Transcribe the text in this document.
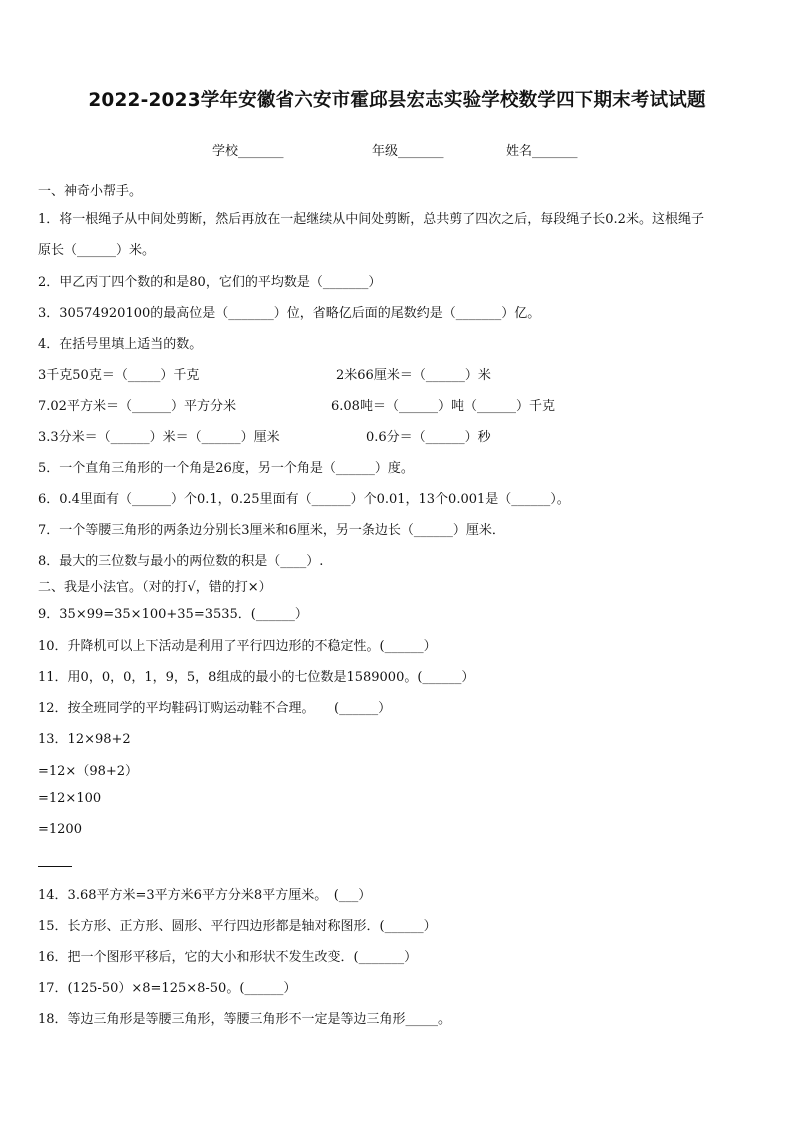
2022-2023学年安徽省六安市霍邱县宏志实验学校数学四下期末考试试题
学校_______	年级_______	姓名_______
一、神奇小帮手。
1．将一根绳子从中间处剪断，然后再放在一起继续从中间处剪断，总共剪了四次之后，每段绳子长0.2米。这根绳子
原长（______）米。
2．甲乙丙丁四个数的和是80，它们的平均数是（_______）
3．30574920100的最高位是（_______）位，省略亿后面的尾数约是（_______）亿。
4．在括号里填上适当的数。
3千克50克＝（_____）千克	2米66厘米＝（______）米
7.02平方米＝（______）平方分米	6.08吨＝（______）吨（______）千克
3.3分米＝（______）米＝（______）厘米	0.6分＝（______）秒
5．一个直角三角形的一个角是26度，另一个角是（______）度。
6．0.4里面有（______）个0.1，0.25里面有（______）个0.01，13个0.001是（______）。
7．一个等腰三角形的两条边分别长3厘米和6厘米，另一条边长（______）厘米．
8．最大的三位数与最小的两位数的积是（____）.
二、我是小法官。（对的打√，错的打×）
9．35×99=35×100+35=3535．(______）
10．升降机可以上下活动是利用了平行四边形的不稳定性。(______）
11．用0，0，0，1，9，5，8组成的最小的七位数是1589000。(______）
12．按全班同学的平均鞋码订购运动鞋不合理。　　(______）
13．12×98+2
=12×（98+2）
=12×100
=1200
14．3.68平方米=3平方米6平方分米8平方厘米。　(___）
15．长方形、正方形、圆形、平行四边形都是轴对称图形．(______）
16．把一个图形平移后，它的大小和形状不发生改变．(_______）
17．(125-50）×8=125×8-50。(______）
18．等边三角形是等腰三角形，等腰三角形不一定是等边三角形_____。
